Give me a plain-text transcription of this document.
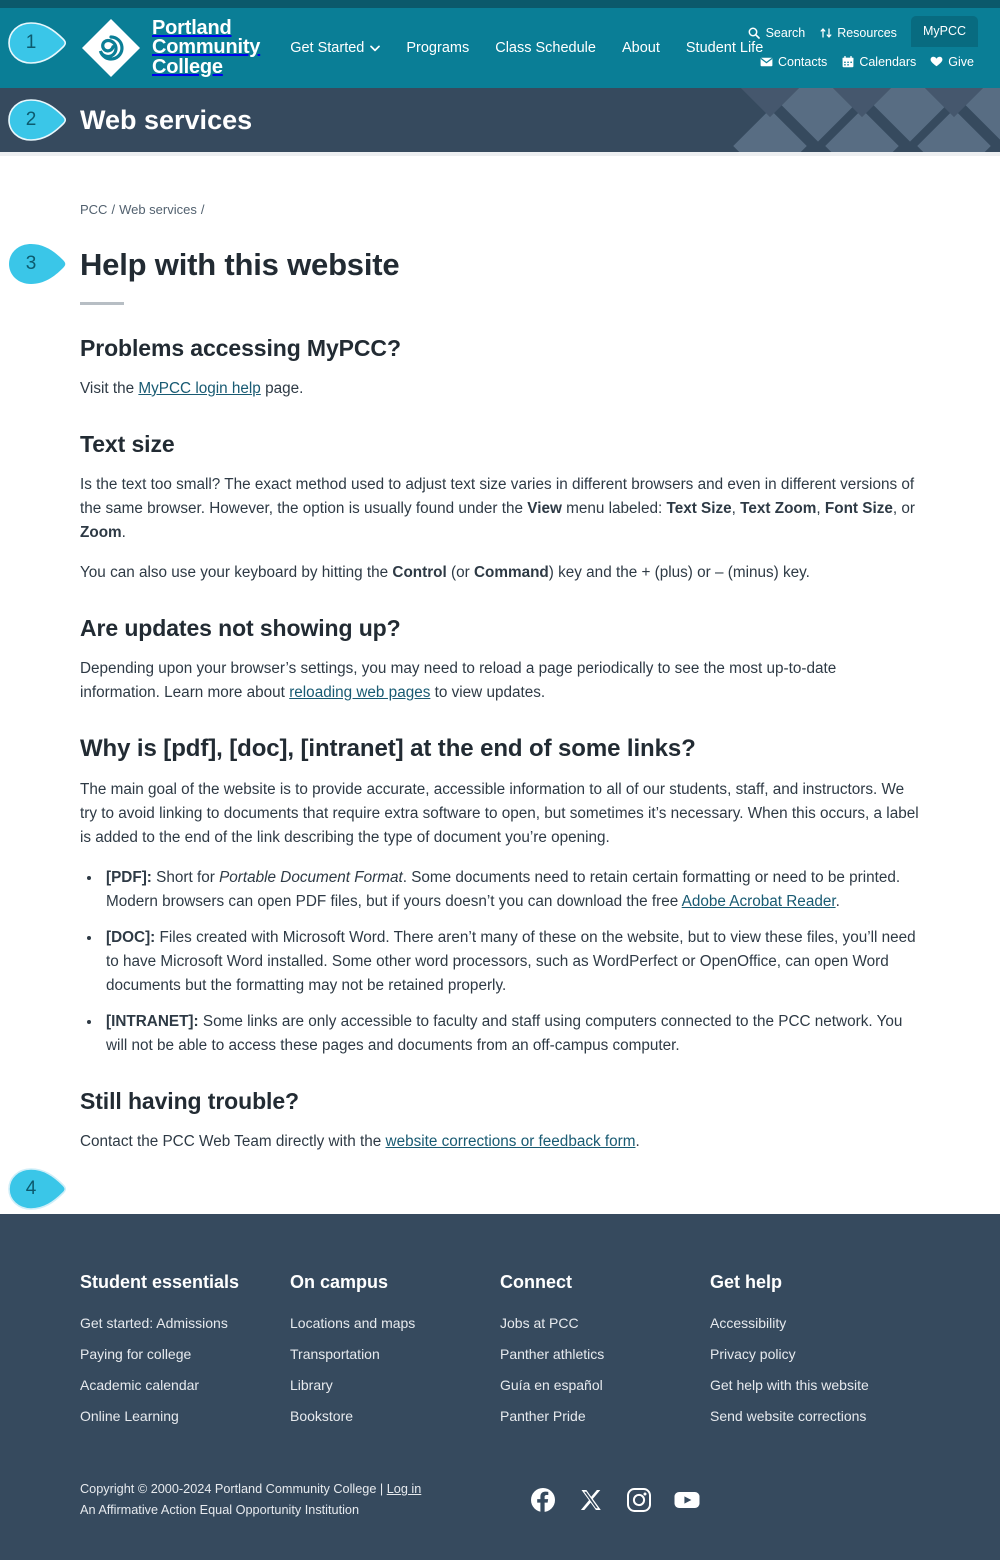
1
2
3
4
Portland
Community
College
Get Started	Programs Class Schedule About Student Life
Search	Resources	MyPCC
Contacts	Calendars	Give
Web services
PCC / Web services /
Help with this website
Problems accessing MyPCC?

Visit the MyPCC login help page.

Text size

Is the text too small? The exact method used to adjust text size varies in different browsers and even in different versions of the same browser. However, the option is usually found under the View menu labeled: Text Size, Text Zoom, Font Size, or Zoom.

You can also use your keyboard by hitting the Control (or Command) key and the + (plus) or – (minus) key.

Are updates not showing up?

Depending upon your browser’s settings, you may need to reload a page periodically to see the most up-to-date information. Learn more about reloading web pages to view updates.

Why is [pdf], [doc], [intranet] at the end of some links?

The main goal of the website is to provide accurate, accessible information to all of our students, staff, and instructors. We try to avoid linking to documents that require extra software to open, but sometimes it’s necessary. When this occurs, a label is added to the end of the link describing the type of document you’re opening.

• [PDF]: Short for Portable Document Format. Some documents need to retain certain formatting or need to be printed. Modern browsers can open PDF files, but if yours doesn’t you can download the free Adobe Acrobat Reader.
• [DOC]: Files created with Microsoft Word. There aren’t many of these on the website, but to view these files, you’ll need to have Microsoft Word installed. Some other word processors, such as WordPerfect or OpenOffice, can open Word documents but the formatting may not be retained properly.
• [INTRANET]: Some links are only accessible to faculty and staff using computers connected to the PCC network. You will not be able to access these pages and documents from an off-campus computer.
Still having trouble?

Contact the PCC Web Team directly with the website corrections or feedback form.

Student essentials
Get started: Admissions
Paying for college
Academic calendar
Online Learning
On campus
Locations and maps
Transportation
Library
Bookstore
Connect
Jobs at PCC
Panther athletics
Guía en español
Panther Pride
Get help
Accessibility
Privacy policy
Get help with this website
Send website corrections
Copyright © 2000-2024 Portland Community College | Log in
An Affirmative Action Equal Opportunity Institution
